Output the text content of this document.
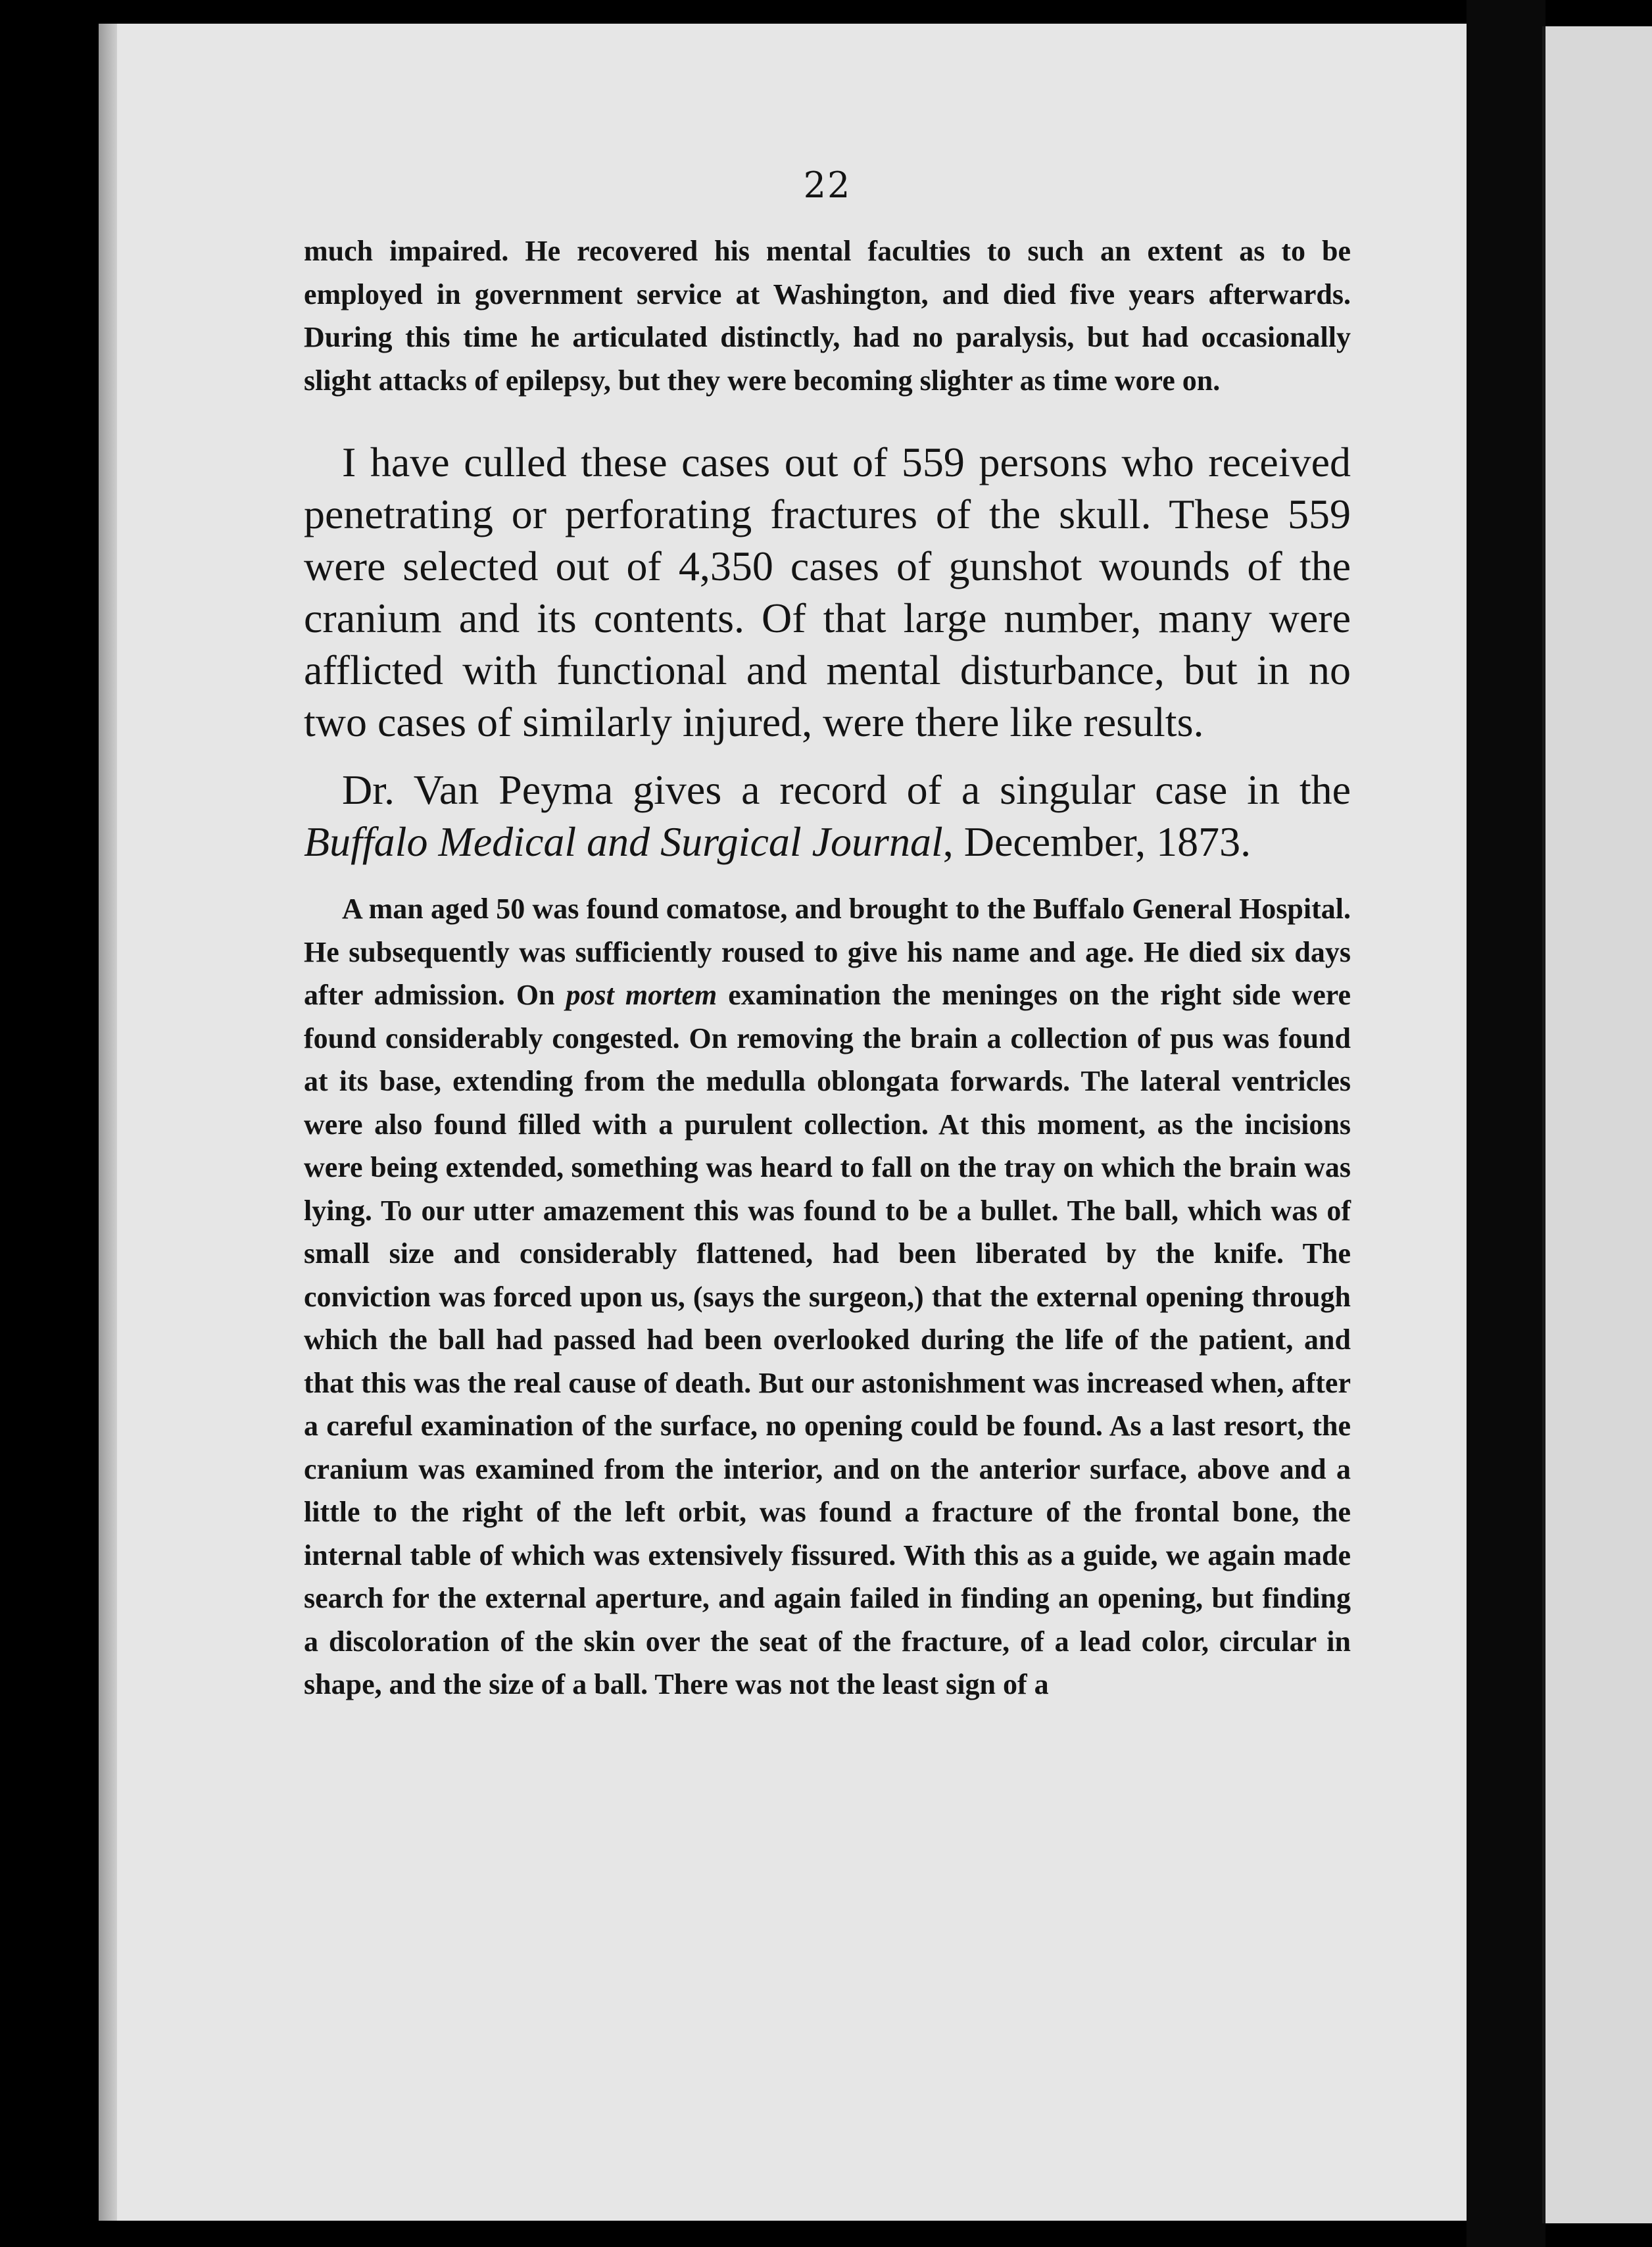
22

much impaired. He recovered his mental faculties to such an extent as to be employed in government service at Washington, and died five years afterwards. During this time he articulated distinctly, had no paralysis, but had occasionally slight attacks of epilepsy, but they were becoming slighter as time wore on.

I have culled these cases out of 559 persons who received penetrating or perforating fractures of the skull. These 559 were selected out of 4,350 cases of gunshot wounds of the cranium and its contents. Of that large number, many were afflicted with functional and mental disturbance, but in no two cases of similarly injured, were there like results.

Dr. Van Peyma gives a record of a singular case in the Buffalo Medical and Surgical Journal, December, 1873.

A man aged 50 was found comatose, and brought to the Buffalo General Hospital. He subsequently was sufficiently roused to give his name and age. He died six days after admission. On post mortem examination the meninges on the right side were found considerably congested. On removing the brain a collection of pus was found at its base, extending from the medulla oblongata forwards. The lateral ventricles were also found filled with a purulent collection. At this moment, as the incisions were being extended, something was heard to fall on the tray on which the brain was lying. To our utter amazement this was found to be a bullet. The ball, which was of small size and considerably flattened, had been liberated by the knife. The conviction was forced upon us, (says the surgeon,) that the external opening through which the ball had passed had been overlooked during the life of the patient, and that this was the real cause of death. But our astonishment was increased when, after a careful examination of the surface, no opening could be found. As a last resort, the cranium was examined from the interior, and on the anterior surface, above and a little to the right of the left orbit, was found a fracture of the frontal bone, the internal table of which was extensively fissured. With this as a guide, we again made search for the external aperture, and again failed in finding an opening, but finding a discoloration of the skin over the seat of the fracture, of a lead color, circular in shape, and the size of a ball. There was not the least sign of a
